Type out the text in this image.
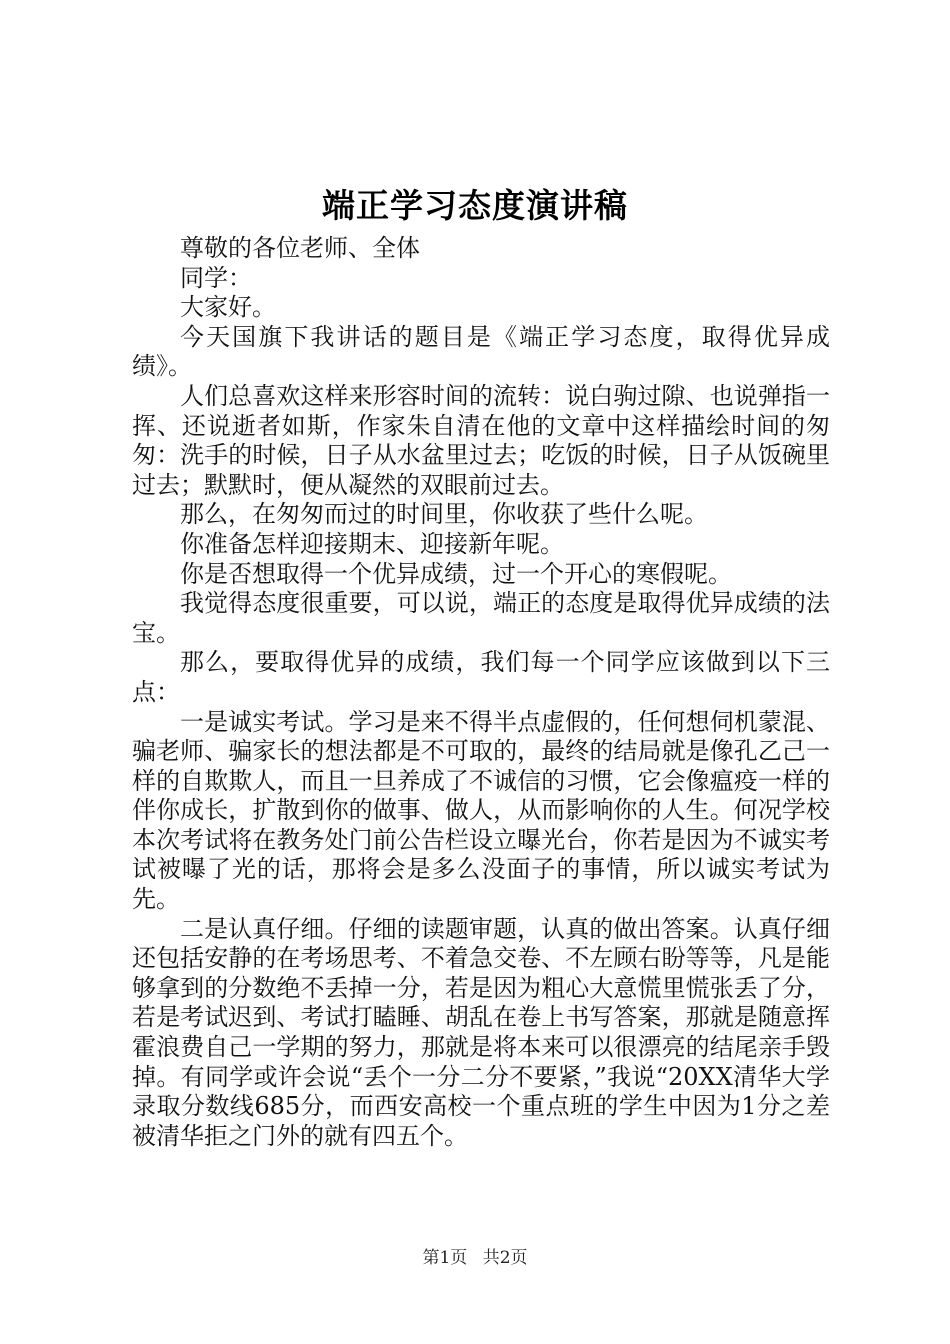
端正学习态度演讲稿

尊敬的各位老师、全体

同学：

大家好。

今天国旗下我讲话的题目是《端正学习态度，取得优异成绩》。

人们总喜欢这样来形容时间的流转：说白驹过隙、也说弹指一挥、还说逝者如斯，作家朱自清在他的文章中这样描绘时间的匆匆：洗手的时候，日子从水盆里过去；吃饭的时候，日子从饭碗里过去；默默时，便从凝然的双眼前过去。

那么，在匆匆而过的时间里，你收获了些什么呢。

你准备怎样迎接期末、迎接新年呢。

你是否想取得一个优异成绩，过一个开心的寒假呢。

我觉得态度很重要，可以说，端正的态度是取得优异成绩的法宝。

那么，要取得优异的成绩，我们每一个同学应该做到以下三点：

一是诚实考试。学习是来不得半点虚假的，任何想伺机蒙混、骗老师、骗家长的想法都是不可取的，最终的结局就是像孔乙己一样的自欺欺人，而且一旦养成了不诚信的习惯，它会像瘟疫一样的伴你成长，扩散到你的做事、做人，从而影响你的人生。何况学校本次考试将在教务处门前公告栏设立曝光台，你若是因为不诚实考试被曝了光的话，那将会是多么没面子的事情，所以诚实考试为先。

二是认真仔细。仔细的读题审题，认真的做出答案。认真仔细还包括安静的在考场思考、不着急交卷、不左顾右盼等等，凡是能够拿到的分数绝不丢掉一分，若是因为粗心大意慌里慌张丢了分，若是考试迟到、考试打瞌睡、胡乱在卷上书写答案，那就是随意挥霍浪费自己一学期的努力，那就是将本来可以很漂亮的结尾亲手毁掉。有同学或许会说“丢个一分二分不要紧，”我说“20XX清华大学录取分数线685分，而西安高校一个重点班的学生中因为1分之差被清华拒之门外的就有四五个。

第1页 共2页
